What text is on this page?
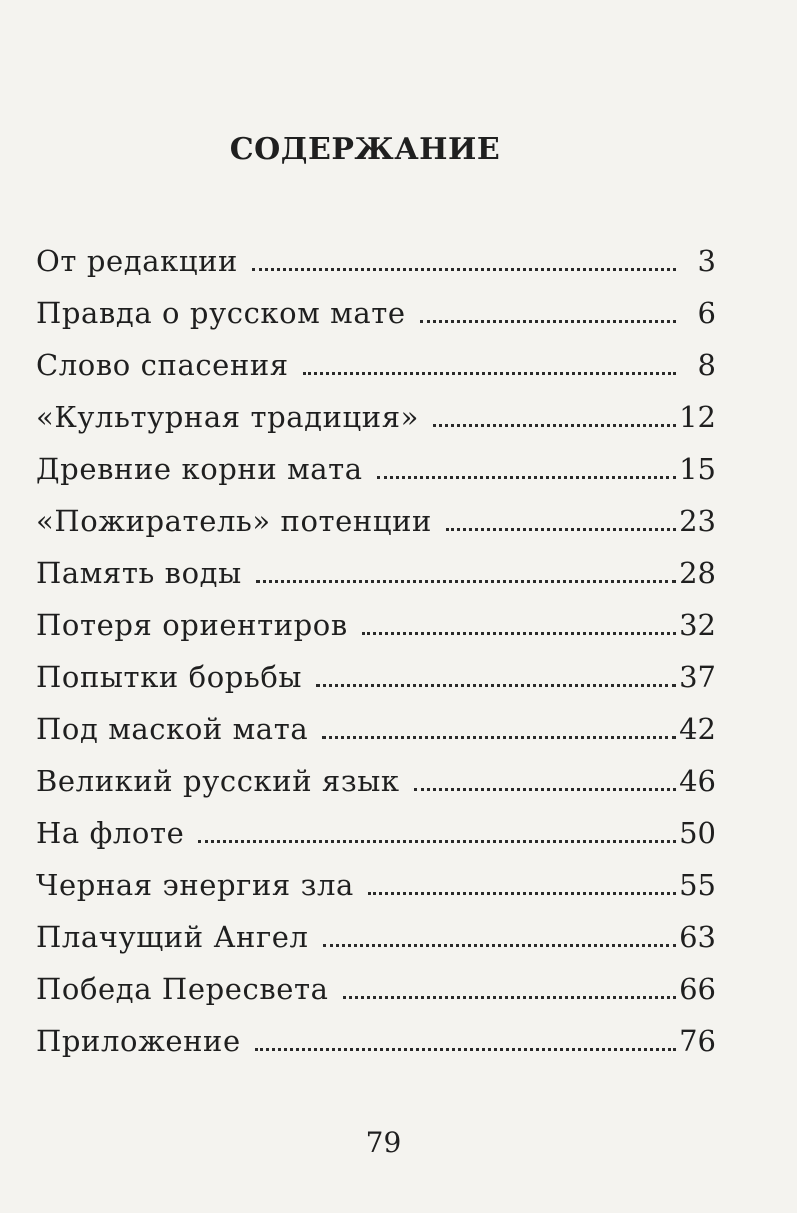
СОДЕРЖАНИЕ
От редакции	3
Правда о русском мате	6
Слово спасения	8
«Культурная традиция»	12
Древние корни мата	15
«Пожиратель» потенции	23
Память воды	28
Потеря ориентиров	32
Попытки борьбы	37
Под маской мата	42
Великий русский язык	46
На флоте	50
Черная энергия зла	55
Плачущий Ангел	63
Победа Пересвета	66
Приложение	76
79
